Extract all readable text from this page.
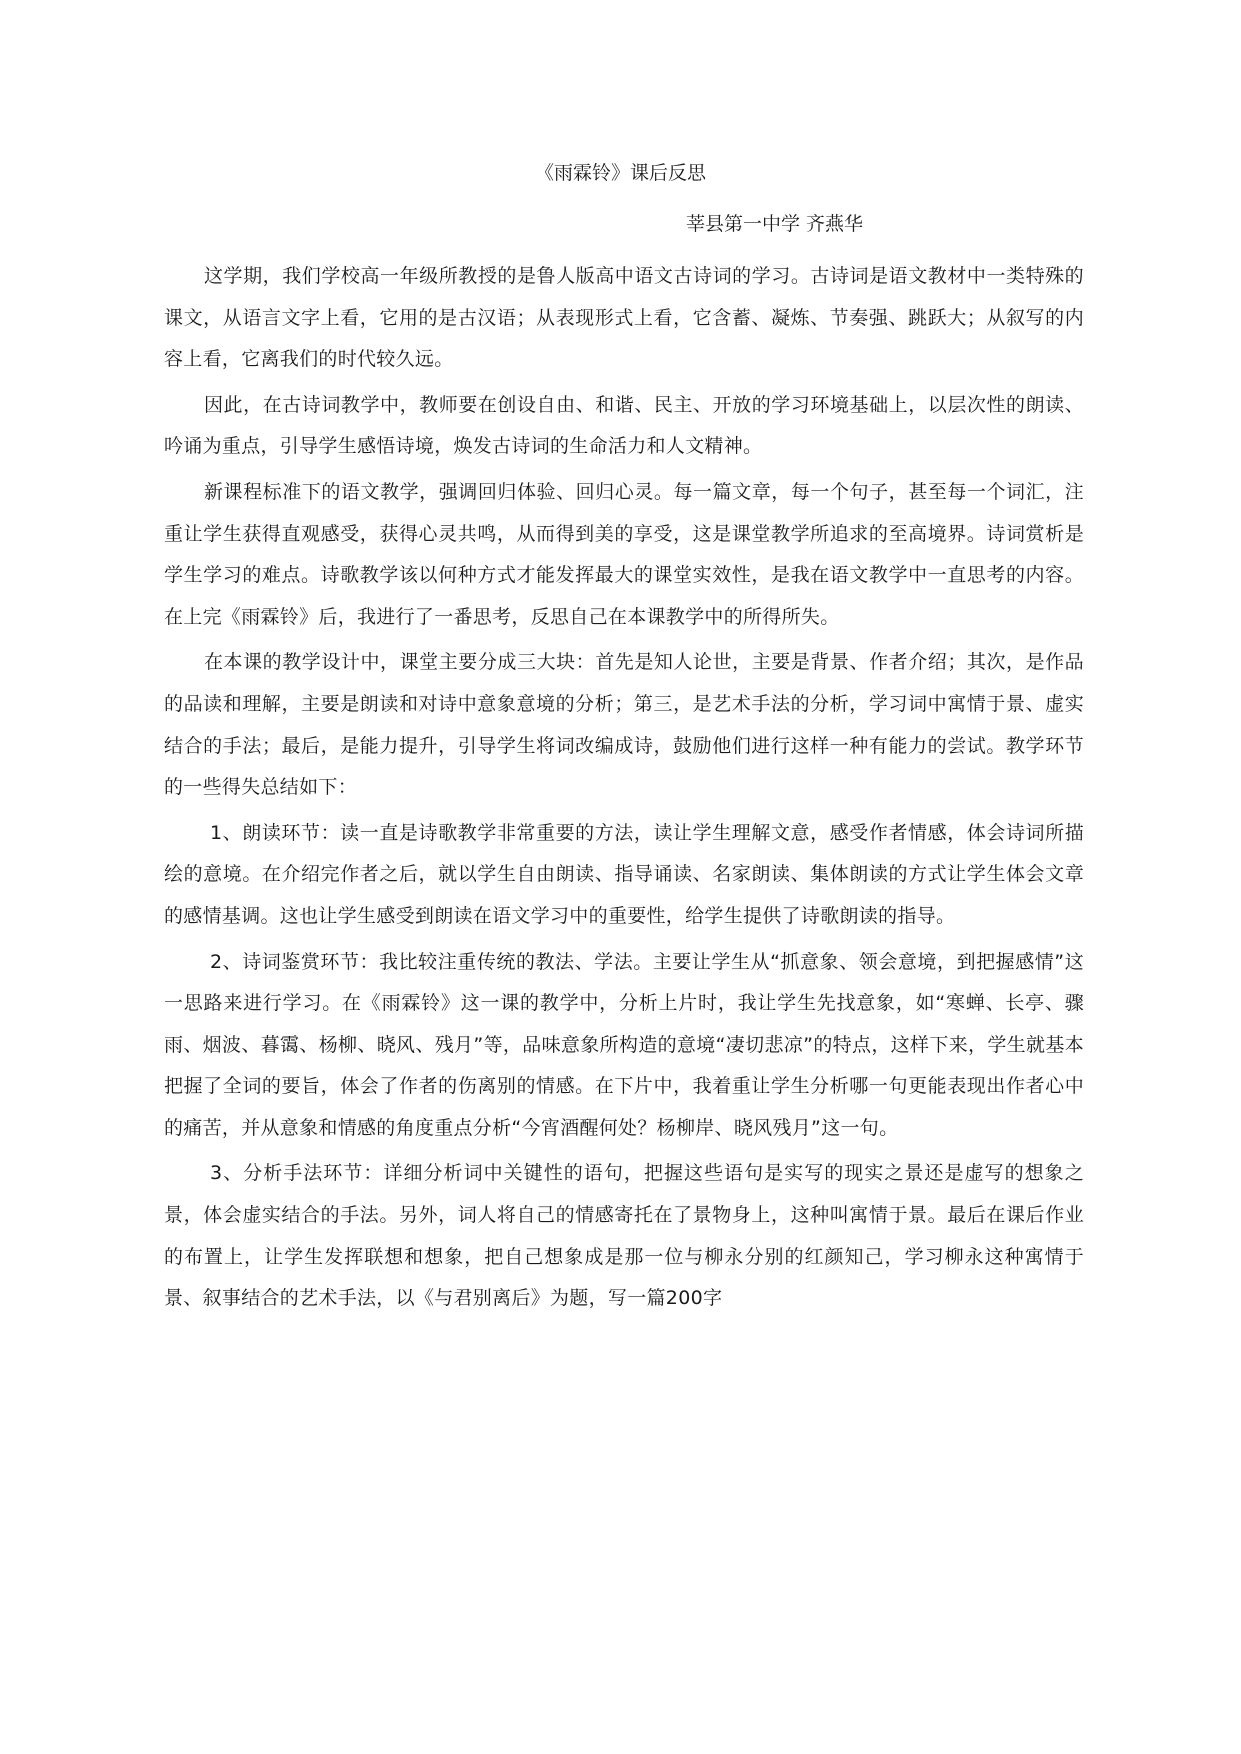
《雨霖铃》课后反思

莘县第一中学 齐燕华

这学期，我们学校高一年级所教授的是鲁人版高中语文古诗词的学习。古诗词是语文教材中一类特殊的课文，从语言文字上看，它用的是古汉语；从表现形式上看，它含蓄、凝炼、节奏强、跳跃大；从叙写的内容上看，它离我们的时代较久远。

因此，在古诗词教学中，教师要在创设自由、和谐、民主、开放的学习环境基础上，以层次性的朗读、吟诵为重点，引导学生感悟诗境，焕发古诗词的生命活力和人文精神。

新课程标准下的语文教学，强调回归体验、回归心灵。每一篇文章，每一个句子，甚至每一个词汇，注重让学生获得直观感受，获得心灵共鸣，从而得到美的享受，这是课堂教学所追求的至高境界。诗词赏析是学生学习的难点。诗歌教学该以何种方式才能发挥最大的课堂实效性，是我在语文教学中一直思考的内容。在上完《雨霖铃》后，我进行了一番思考，反思自己在本课教学中的所得所失。

在本课的教学设计中，课堂主要分成三大块：首先是知人论世，主要是背景、作者介绍；其次，是作品的品读和理解，主要是朗读和对诗中意象意境的分析；第三，是艺术手法的分析，学习词中寓情于景、虚实结合的手法；最后，是能力提升，引导学生将词改编成诗，鼓励他们进行这样一种有能力的尝试。教学环节的一些得失总结如下：

1、朗读环节：读一直是诗歌教学非常重要的方法，读让学生理解文意，感受作者情感，体会诗词所描绘的意境。在介绍完作者之后，就以学生自由朗读、指导诵读、名家朗读、集体朗读的方式让学生体会文章的感情基调。这也让学生感受到朗读在语文学习中的重要性，给学生提供了诗歌朗读的指导。

2、诗词鉴赏环节：我比较注重传统的教法、学法。主要让学生从“抓意象、领会意境，到把握感情”这一思路来进行学习。在《雨霖铃》这一课的教学中，分析上片时，我让学生先找意象，如“寒蝉、长亭、骤雨、烟波、暮霭、杨柳、晓风、残月”等，品味意象所构造的意境“凄切悲凉”的特点，这样下来，学生就基本把握了全词的要旨，体会了作者的伤离别的情感。在下片中，我着重让学生分析哪一句更能表现出作者心中的痛苦，并从意象和情感的角度重点分析“今宵酒醒何处？杨柳岸、晓风残月”这一句。

3、分析手法环节：详细分析词中关键性的语句，把握这些语句是实写的现实之景还是虚写的想象之景，体会虚实结合的手法。另外，词人将自己的情感寄托在了景物身上，这种叫寓情于景。最后在课后作业的布置上，让学生发挥联想和想象，把自己想象成是那一位与柳永分别的红颜知己，学习柳永这种寓情于景、叙事结合的艺术手法，以《与君别离后》为题，写一篇200字
